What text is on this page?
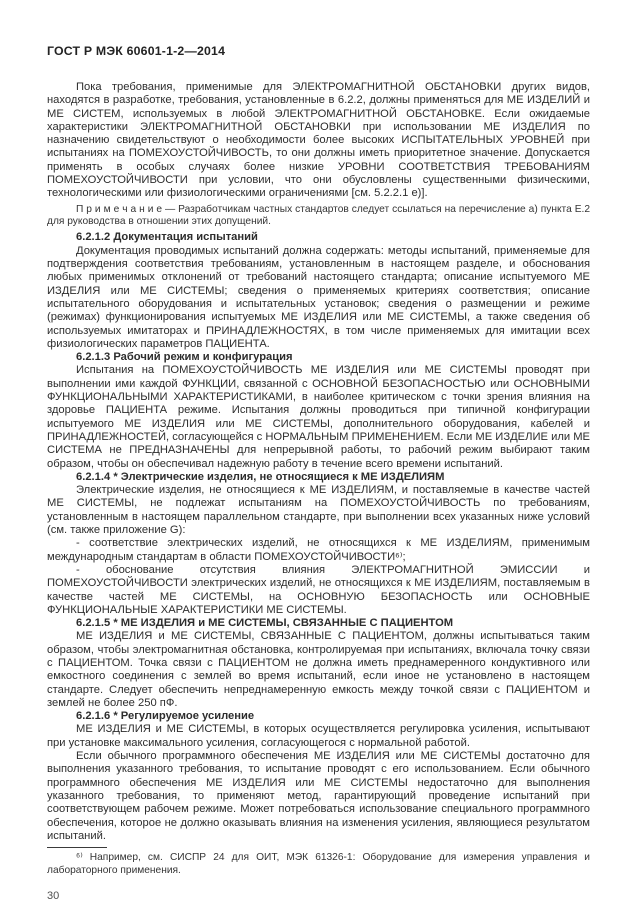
ГОСТ Р МЭК 60601-1-2—2014

Пока требования, применимые для ЭЛЕКТРОМАГНИТНОЙ ОБСТАНОВКИ других видов, находятся в разработке, требования, установленные в 6.2.2, должны применяться для МЕ ИЗДЕЛИЙ и МЕ СИСТЕМ, используемых в любой ЭЛЕКТРОМАГНИТНОЙ ОБСТАНОВКЕ. Если ожидаемые характеристики ЭЛЕКТРОМАГНИТНОЙ ОБСТАНОВКИ при использовании МЕ ИЗДЕЛИЯ по назначению свидетельствуют о необходимости более высоких ИСПЫТАТЕЛЬНЫХ УРОВНЕЙ при испытаниях на ПОМЕХОУСТОЙЧИВОСТЬ, то они должны иметь приоритетное значение. Допускается применять в особых случаях более низкие УРОВНИ СООТВЕТСТВИЯ ТРЕБОВАНИЯМ ПОМЕХОУСТОЙЧИВОСТИ при условии, что они обусловлены существенными физическими, технологическими или физиологическими ограничениями [см. 5.2.2.1 е)].

П р и м е ч а н и е — Разработчикам частных стандартов следует ссылаться на перечисление а) пункта Е.2 для руководства в отношении этих допущений.

6.2.1.2 Документация испытаний

Документация проводимых испытаний должна содержать: методы испытаний, применяемые для подтверждения соответствия требованиям, установленным в настоящем разделе, и обоснования любых применимых отклонений от требований настоящего стандарта; описание испытуемого МЕ ИЗДЕЛИЯ или МЕ СИСТЕМЫ; сведения о применяемых критериях соответствия; описание испытательного оборудования и испытательных установок; сведения о размещении и режиме (режимах) функционирования испытуемых МЕ ИЗДЕЛИЯ или МЕ СИСТЕМЫ, а также сведения об используемых имитаторах и ПРИНАДЛЕЖНОСТЯХ, в том числе применяемых для имитации всех физиологических параметров ПАЦИЕНТА.

6.2.1.3 Рабочий режим и конфигурация

Испытания на ПОМЕХОУСТОЙЧИВОСТЬ МЕ ИЗДЕЛИЯ или МЕ СИСТЕМЫ проводят при выполнении ими каждой ФУНКЦИИ, связанной с ОСНОВНОЙ БЕЗОПАСНОСТЬЮ или ОСНОВНЫМИ ФУНКЦИОНАЛЬНЫМИ ХАРАКТЕРИСТИКАМИ, в наиболее критическом с точки зрения влияния на здоровье ПАЦИЕНТА режиме. Испытания должны проводиться при типичной конфигурации испытуемого МЕ ИЗДЕЛИЯ или МЕ СИСТЕМЫ, дополнительного оборудования, кабелей и ПРИНАДЛЕЖНОСТЕЙ, согласующейся с НОРМАЛЬНЫМ ПРИМЕНЕНИЕМ. Если МЕ ИЗДЕЛИЕ или МЕ СИСТЕМА не ПРЕДНАЗНАЧЕНЫ для непрерывной работы, то рабочий режим выбирают таким образом, чтобы он обеспечивал надежную работу в течение всего времени испытаний.

6.2.1.4 * Электрические изделия, не относящиеся к МЕ ИЗДЕЛИЯМ

Электрические изделия, не относящиеся к МЕ ИЗДЕЛИЯМ, и поставляемые в качестве частей МЕ СИСТЕМЫ, не подлежат испытаниям на ПОМЕХОУСТОЙЧИВОСТЬ по требованиям, установленным в настоящем параллельном стандарте, при выполнении всех указанных ниже условий (см. также приложение G):

- соответствие электрических изделий, не относящихся к МЕ ИЗДЕЛИЯМ, применимым международным стандартам в области ПОМЕХОУСТОЙЧИВОСТИ⁶⁾;

- обоснование отсутствия влияния ЭЛЕКТРОМАГНИТНОЙ ЭМИССИИ и ПОМЕХОУСТОЙЧИВОСТИ электрических изделий, не относящихся к МЕ ИЗДЕЛИЯМ, поставляемым в качестве частей МЕ СИСТЕМЫ, на ОСНОВНУЮ БЕЗОПАСНОСТЬ или ОСНОВНЫЕ ФУНКЦИОНАЛЬНЫЕ ХАРАКТЕРИСТИКИ МЕ СИСТЕМЫ.

6.2.1.5 * МЕ ИЗДЕЛИЯ и МЕ СИСТЕМЫ, СВЯЗАННЫЕ С ПАЦИЕНТОМ

МЕ ИЗДЕЛИЯ и МЕ СИСТЕМЫ, СВЯЗАННЫЕ С ПАЦИЕНТОМ, должны испытываться таким образом, чтобы электромагнитная обстановка, контролируемая при испытаниях, включала точку связи с ПАЦИЕНТОМ. Точка связи с ПАЦИЕНТОМ не должна иметь преднамеренного кондуктивного или емкостного соединения с землей во время испытаний, если иное не установлено в настоящем стандарте. Следует обеспечить непреднамеренную емкость между точкой связи с ПАЦИЕНТОМ и землей не более 250 пФ.

6.2.1.6 * Регулируемое усиление

МЕ ИЗДЕЛИЯ и МЕ СИСТЕМЫ, в которых осуществляется регулировка усиления, испытывают при установке максимального усиления, согласующегося с нормальной работой.

Если обычного программного обеспечения МЕ ИЗДЕЛИЯ или МЕ СИСТЕМЫ достаточно для выполнения указанного требования, то испытание проводят с его использованием. Если обычного программного обеспечения МЕ ИЗДЕЛИЯ или МЕ СИСТЕМЫ недостаточно для выполнения указанного требования, то применяют метод, гарантирующий проведение испытаний при соответствующем рабочем режиме. Может потребоваться использование специального программного обеспечения, которое не должно оказывать влияния на изменения усиления, являющиеся результатом испытаний.

⁶⁾ Например, см. СИСПР 24 для ОИТ, МЭК 61326-1: Оборудование для измерения управления и лабораторного применения.

30
